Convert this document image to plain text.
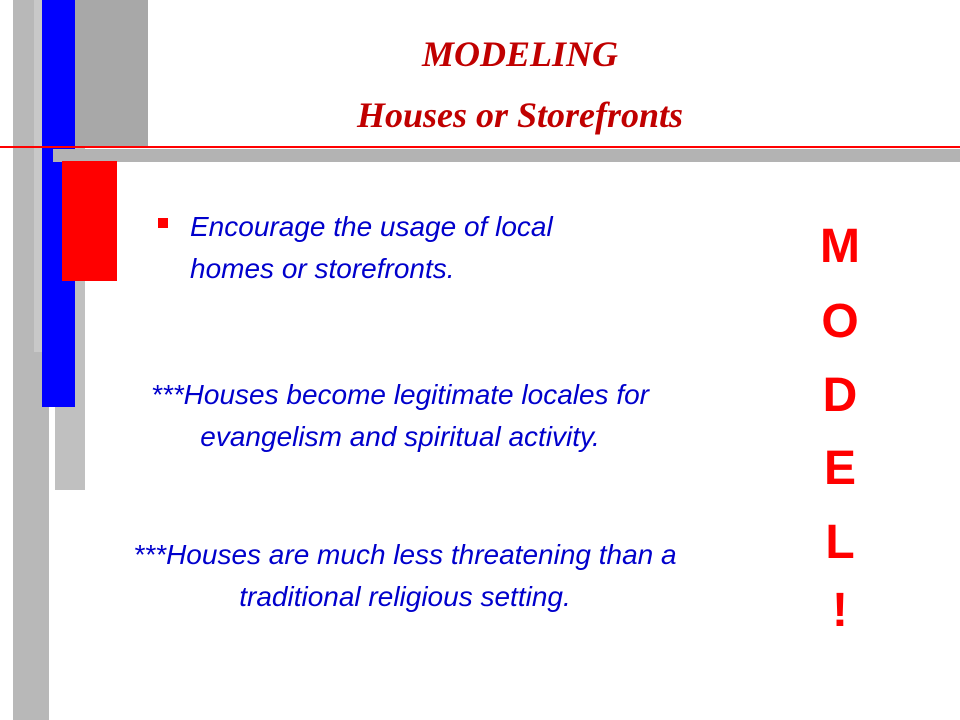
MODELING
Houses or Storefronts
Encourage the usage of local homes or storefronts.
***Houses become legitimate locales for evangelism and spiritual activity.
***Houses are much less threatening than a traditional religious setting.
M
O
D
E
L
!
